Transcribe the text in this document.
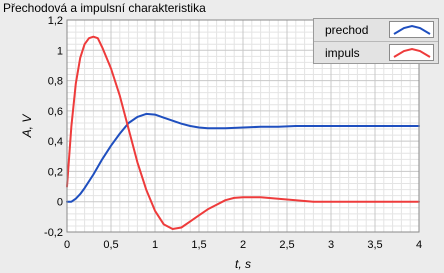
Přechodová a impulsní charakteristika
0	0,5	1	1,5	2	2,5	3	3,5	4
-0,2
0
0,2
0,4
0,6
0,8
1
1,2
t, s
A, V
prechod
impuls
